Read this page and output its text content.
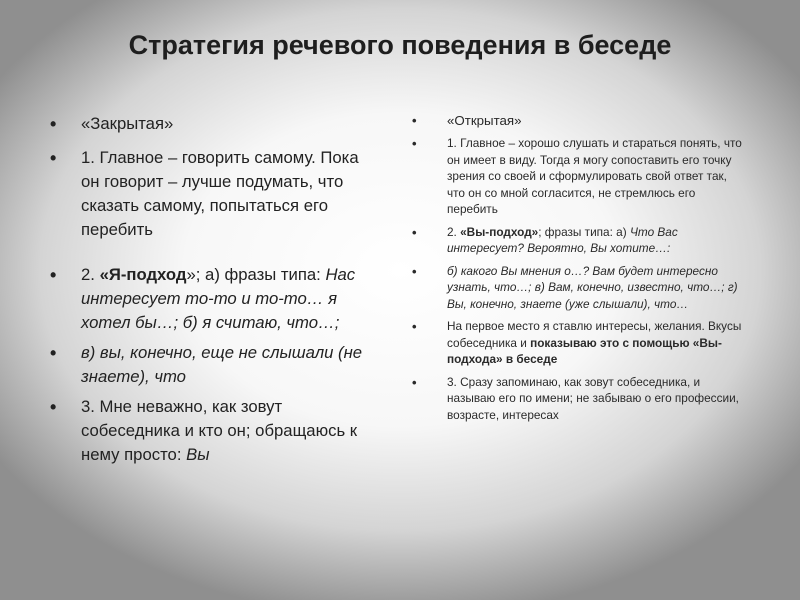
Стратегия речевого поведения в беседе
• «Закрытая»
• 1. Главное – говорить самому. Пока он говорит – лучше подумать, что сказать самому, попытаться его перебить
• 2. «Я-подход»; а) фразы типа: Нас интересует то-то и то-то… я хотел бы…; б) я считаю, что…;
• в) вы, конечно, еще не слышали (не знаете), что
• 3. Мне неважно, как зовут собеседника и кто он; обращаюсь к нему просто: Вы
• «Открытая»
•	1. Главное – хорошо слушать и стараться понять, что он имеет в виду. Тогда я могу сопоставить его точку зрения со своей и сформулировать свой ответ так, что он со мной согласится, не стремлюсь его перебить
•	2. «Вы-подход»; фразы типа: а) Что Вас интересует? Вероятно, Вы хотите…:
•	б) какого Вы мнения о…? Вам будет интересно узнать, что…; в) Вам, конечно, известно, что…; г) Вы, конечно, знаете (уже слышали), что…
•	На первое место я ставлю интересы, желания. Вкусы собеседника и показываю это с помощью «Вы-подхода» в беседе
•	3. Сразу запоминаю, как зовут собеседника, и называю его по имени; не забываю о его профессии, возрасте, интересах
